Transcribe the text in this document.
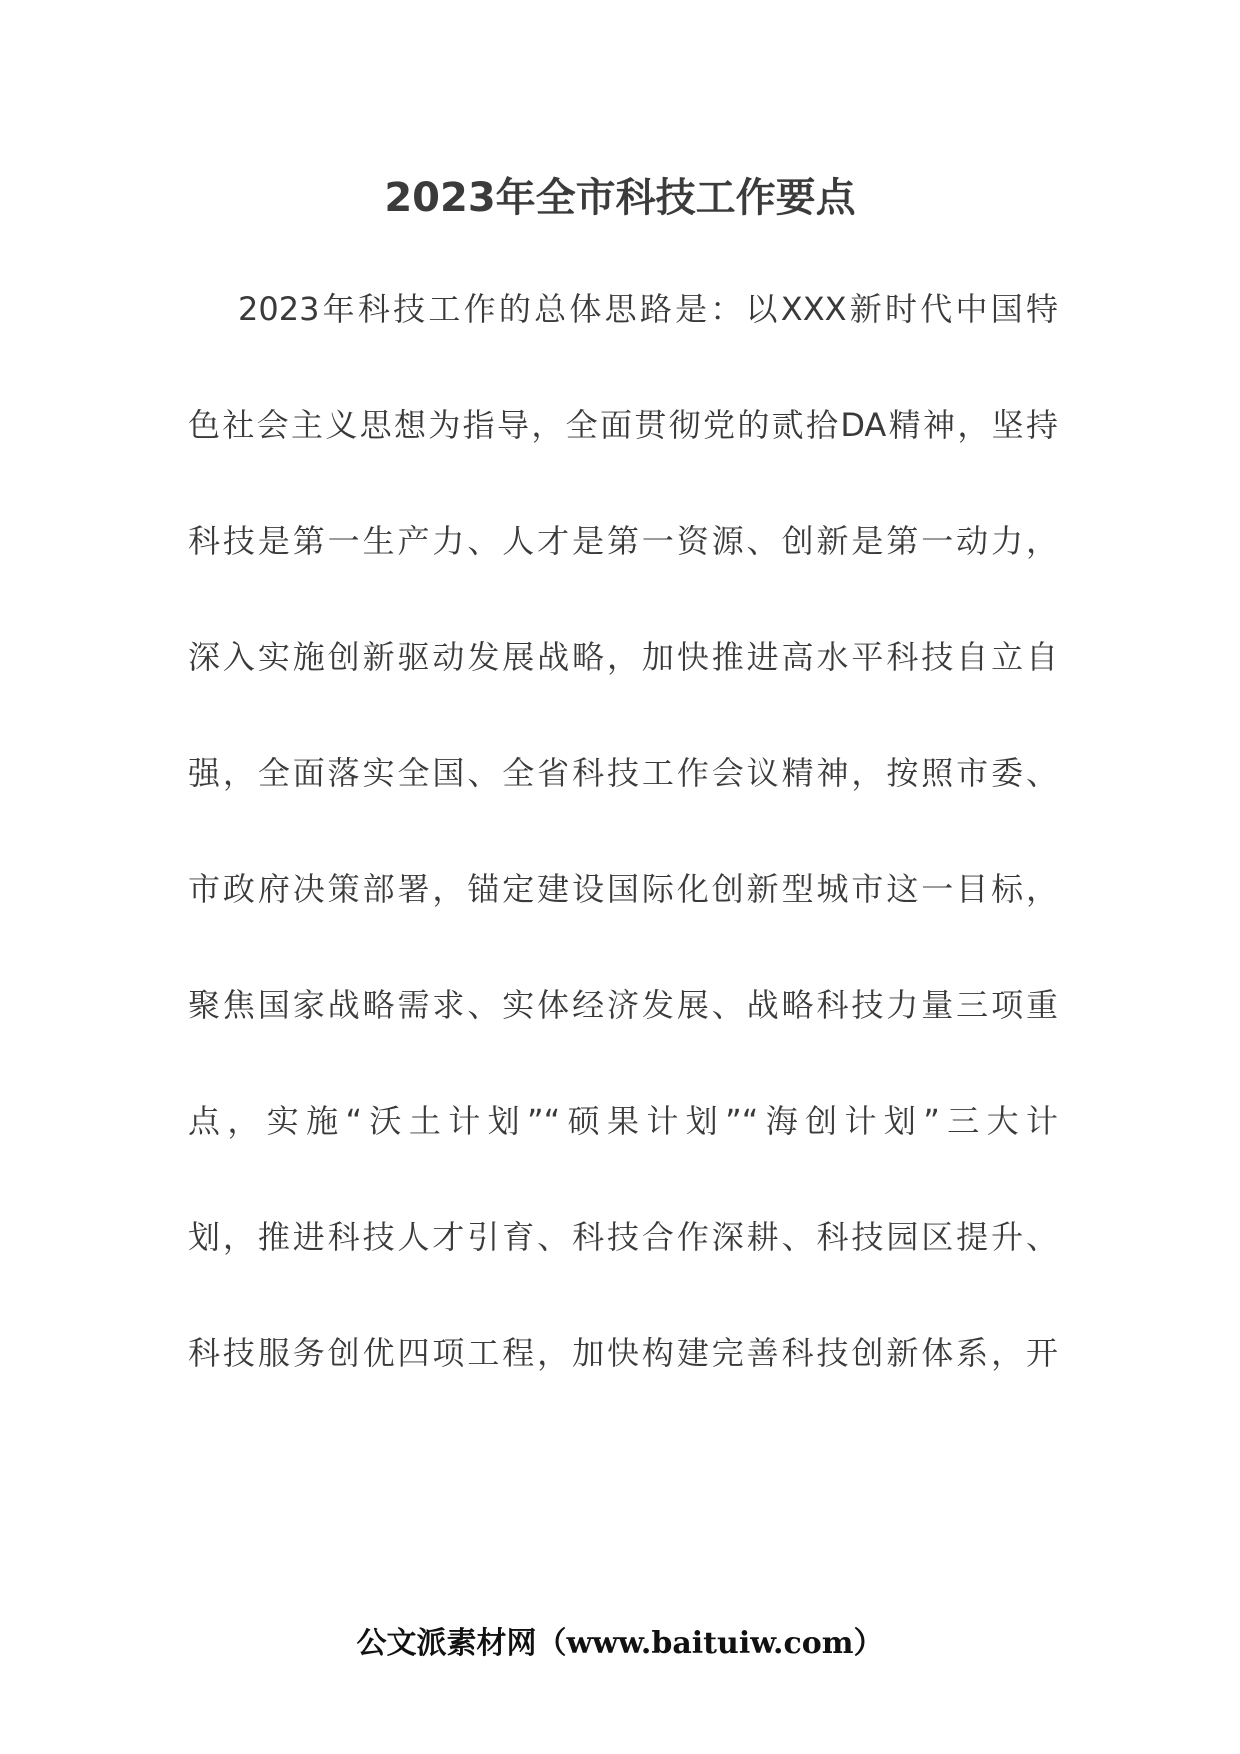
2023年全市科技工作要点
2023年科技工作的总体思路是：以XXX新时代中国特
色社会主义思想为指导，全面贯彻党的贰拾DA精神，坚持
科技是第一生产力、人才是第一资源、创新是第一动力，
深入实施创新驱动发展战略，加快推进高水平科技自立自
强，全面落实全国、全省科技工作会议精神，按照市委、
市政府决策部署，锚定建设国际化创新型城市这一目标，
聚焦国家战略需求、实体经济发展、战略科技力量三项重
点，实施“沃土计划”“硕果计划”“海创计划”三大计
划，推进科技人才引育、科技合作深耕、科技园区提升、
科技服务创优四项工程，加快构建完善科技创新体系，开
公文派素材网（www.baituiw.com）
